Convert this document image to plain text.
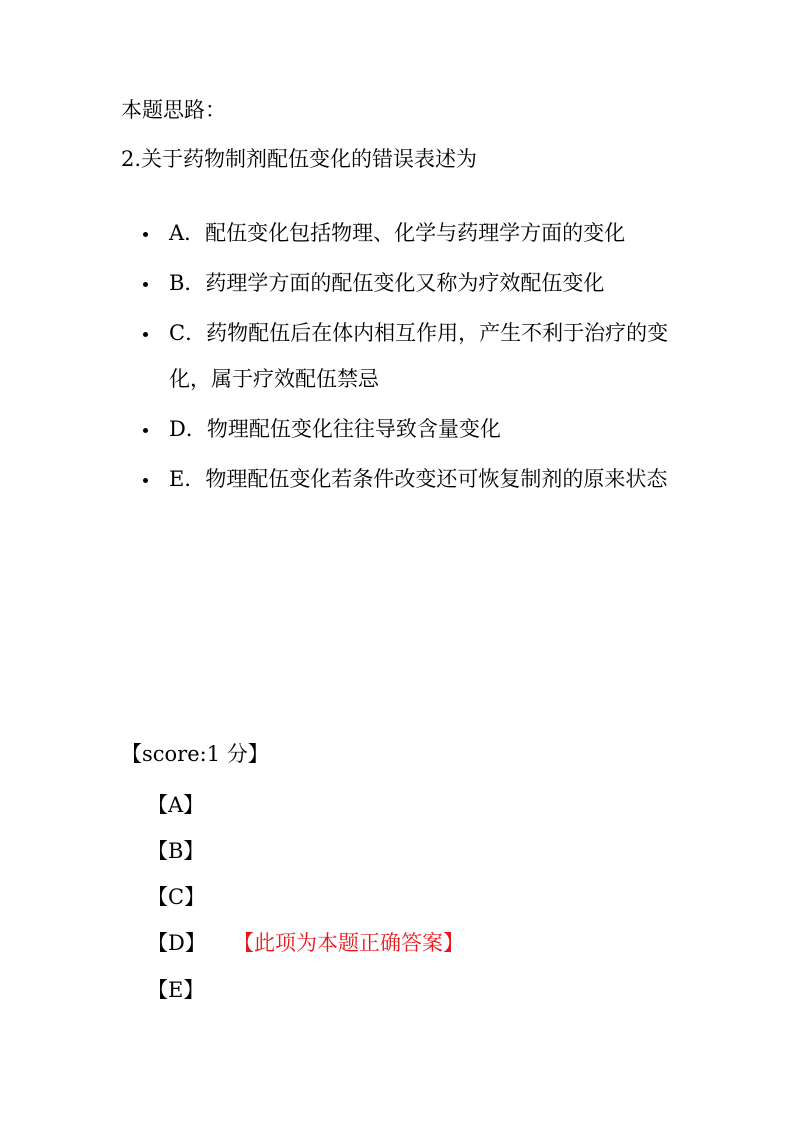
本题思路：
2.关于药物制剂配伍变化的错误表述为
A．配伍变化包括物理、化学与药理学方面的变化
B．药理学方面的配伍变化又称为疗效配伍变化
C．药物配伍后在体内相互作用，产生不利于治疗的变化，属于疗效配伍禁忌
D．物理配伍变化往往导致含量变化
E．物理配伍变化若条件改变还可恢复制剂的原来状态
【score:1 分】
【A】
【B】
【C】
【D】 【此项为本题正确答案】
【E】
